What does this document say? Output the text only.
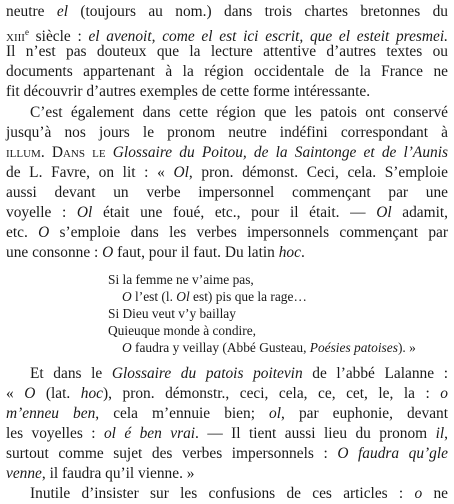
neutre el (toujours au nom.) dans trois chartes bretonnes du
xiii$^e$ siècle : el avenoit, come el est ici escrit, que el esteit presmei.
Il n’est pas douteux que la lecture attentive d’autres textes ou
documents appartenant à la région occidentale de la France ne
fit découvrir d’autres exemples de cette forme intéressante.
C’est également dans cette région que les patois ont conservé
jusqu’à nos jours le pronom neutre indéfini correspondant à
illum. Dans le Glossaire du Poitou, de la Saintonge et de l’Aunis
de L. Favre, on lit : « Ol, pron. démonst. Ceci, cela. S’emploie
aussi devant un verbe impersonnel commençant par une
voyelle : Ol était une foué, etc., pour il était. — Ol adamit,
etc. O s’emploie dans les verbes impersonnels commençant par
une consonne : O faut, pour il faut. Du latin hoc.
Si la femme ne v’aime pas,
O l’est (l. Ol est) pis que la rage…
Si Dieu veut v’y baillay
Quieuque monde à condire,
O faudra y veillay (Abbé Gusteau, Poésies patoises). »
Et dans le Glossaire du patois poitevin de l’abbé Lalanne :
« O (lat. hoc), pron. démonstr., ceci, cela, ce, cet, le, la : o
m’enneu ben, cela m’ennuie bien; ol, par euphonie, devant
les voyelles : ol é ben vrai. — Il tient aussi lieu du pronom il,
surtout comme sujet des verbes impersonnels : O faudra qu’gle
venne, il faudra qu’il vienne. »
Inutile d’insister sur les confusions de ces articles : o ne
